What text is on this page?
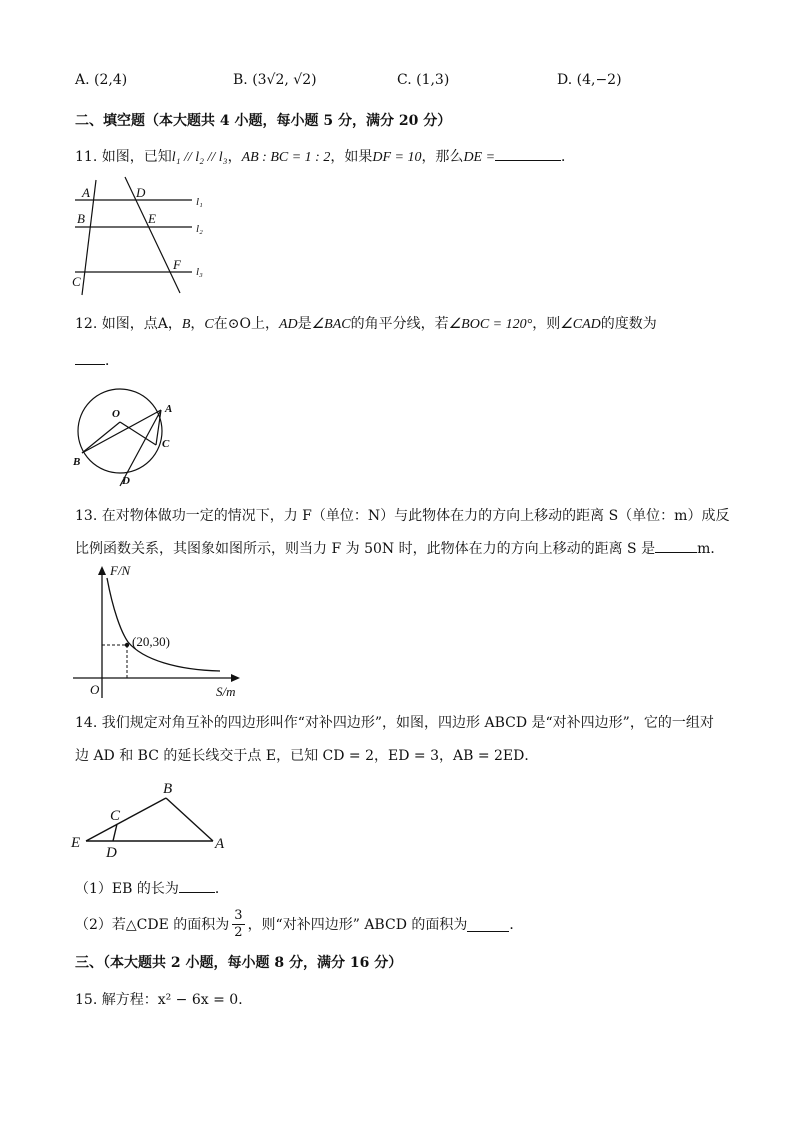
A. (2,4)	B. (3√2, √2)	C. (1,3)	D. (4,−2)
二、填空题（本大题共 4 小题，每小题 5 分，满分 20 分）
11. 如图，已知l₁ // l₂ // l₃，AB : BC = 1 : 2，如果DF = 10，那么DE =	．
A	D
B	E
F
C
l₁
l₂
l₃
12. 如图，点A，B，C在⊙O上，AD是∠BAC的角平分线，若∠BOC = 120°，则∠CAD的度数为
．
O	A
C
B
D
13. 在对物体做功一定的情况下，力 F（单位：N）与此物体在力的方向上移动的距离 S（单位：m）成反
比例函数关系，其图象如图所示，则当力 F 为 50N 时，此物体在力的方向上移动的距离 S 是	m．
F/N
S/m
O
(20,30)
14. 我们规定对角互补的四边形叫作“对补四边形”，如图，四边形 ABCD 是“对补四边形”，它的一组对
边 AD 和 BC 的延长线交于点 E，已知 CD = 2，ED = 3，AB = 2ED．
B
C
E
D
A
（1）EB 的长为	．
（2）若△CDE 的面积为
3
2 ，则“对补四边形” ABCD 的面积为	．
三、（本大题共 2 小题，每小题 8 分，满分 16 分）
15. 解方程：x² − 6x = 0．
